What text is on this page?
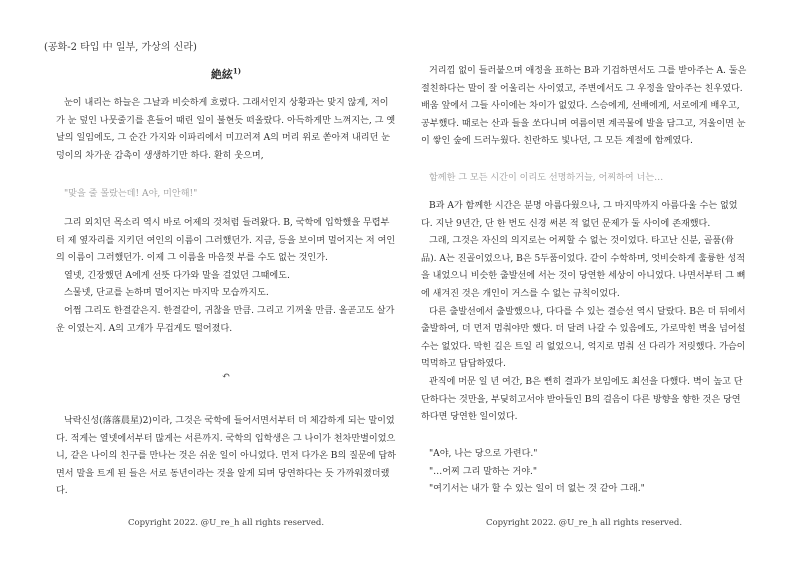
(공화-2 타입 中 일부, 가상의 신라)
絶絃$^{1)}$

눈이 내리는 하늘은 그날과 비슷하게 흐렸다. 그래서인지 상황과는 맞지 않게, 저이가 눈 덮인 나뭇줄기를 흔들어 때린 일이 불현듯 떠올랐다. 아득하게만 느껴지는, 그 옛날의 일임에도, 그 순간 가지와 이파리에서 미끄러져 A의 머리 위로 쏟아져 내리던 눈덩이의 차가운 감촉이 생생하기만 하다. 환히 웃으며,

"맞을 줄 몰랐는데! A야, 미안해!"

그리 외치던 목소리 역시 바로 어제의 것처럼 들려왔다. B, 국학에 입학했을 무렵부터 제 옆자리를 지키던 여인의 이름이 그러했던가. 지금, 등을 보이며 멀어지는 저 여인의 이름이 그러했던가. 이제 그 이름을 마음껏 부를 수도 없는 것인가.

열넷, 긴장했던 A에게 선뜻 다가와 말을 걸었던 그때에도.

스물넷, 단교를 논하며 멀어지는 마지막 모습까지도.

어쩜 그리도 한결같은지. 한결같이, 귀찮을 만큼. 그리고 기꺼울 만큼. 올곧고도 살가운 이였는지. A의 고개가 무겁게도 떨어졌다.

↶

낙락신성(落落晨星)2)이라, 그것은 국학에 들어서면서부터 더 체감하게 되는 말이었다. 적게는 열넷에서부터 많게는 서른까지. 국학의 입학생은 그 나이가 천차만별이었으니, 같은 나이의 친구를 만나는 것은 쉬운 일이 아니었다. 먼저 다가온 B의 질문에 답하면서 말을 트게 된 들은 서로 동년이라는 것을 알게 되며 당연하다는 듯 가까워졌더랬다.

Copyright 2022. @U_re_h all rights reserved.

거리낌 없이 들러붙으며 애정을 표하는 B과 기겁하면서도 그를 받아주는 A. 둘은 절친하다는 말이 잘 어울리는 사이였고, 주변에서도 그 우정을 알아주는 친우였다. 배움 앞에서 그들 사이에는 차이가 없었다. 스승에게, 선배에게, 서로에게 배우고, 공부했다. 때로는 산과 들을 쏘다니며 여름이면 계곡물에 발을 담그고, 겨울이면 눈이 쌓인 숲에 드러누웠다. 친란하도 빛나던, 그 모든 계절에 함께였다.

함께한 그 모든 시간이 이리도 선명하거늘, 어찌하여 너는…

B과 A가 함께한 시간은 분명 아름다웠으나, 그 마지막까지 아름다울 수는 없었다. 지난 9년간, 단 한 번도 신경 써본 적 없던 문제가 둘 사이에 존재했다.

그래, 그것은 자신의 의지로는 어찌할 수 없는 것이었다. 타고난 신분, 골품(骨品). A는 진골이었으나, B은 5두품이었다. 같이 수학하며, 엇비슷하게 훌륭한 성적을 내었으니 비슷한 출발선에 서는 것이 당연한 세상이 아니었다. 나면서부터 그 뼈에 새겨진 것은 개인이 거스를 수 없는 규칙이었다.

다른 출발선에서 출발했으나, 다다를 수 있는 결승선 역시 달랐다. B은 더 뒤에서 출발하여, 더 먼저 멈춰야만 했다. 더 달려 나갈 수 있음에도, 가로막힌 벽을 넘어설 수는 없었다. 막힌 길은 트일 리 없었으니, 억지로 멈춰 선 다리가 저릿했다. 가슴이 먹먹하고 답답하였다.

관직에 머문 일 년 여간, B은 뻔히 결과가 보임에도 최선을 다했다. 벽이 높고 단단하다는 것만을, 부딪히고서야 받아들인 B의 걸음이 다른 방향을 향한 것은 당연하다면 당연한 일이었다.

"A야, 나는 당으로 가련다."

"…어찌 그리 말하는 거야."

"여기서는 내가 할 수 있는 일이 더 없는 것 같아 그래."

Copyright 2022. @U_re_h all rights reserved.
